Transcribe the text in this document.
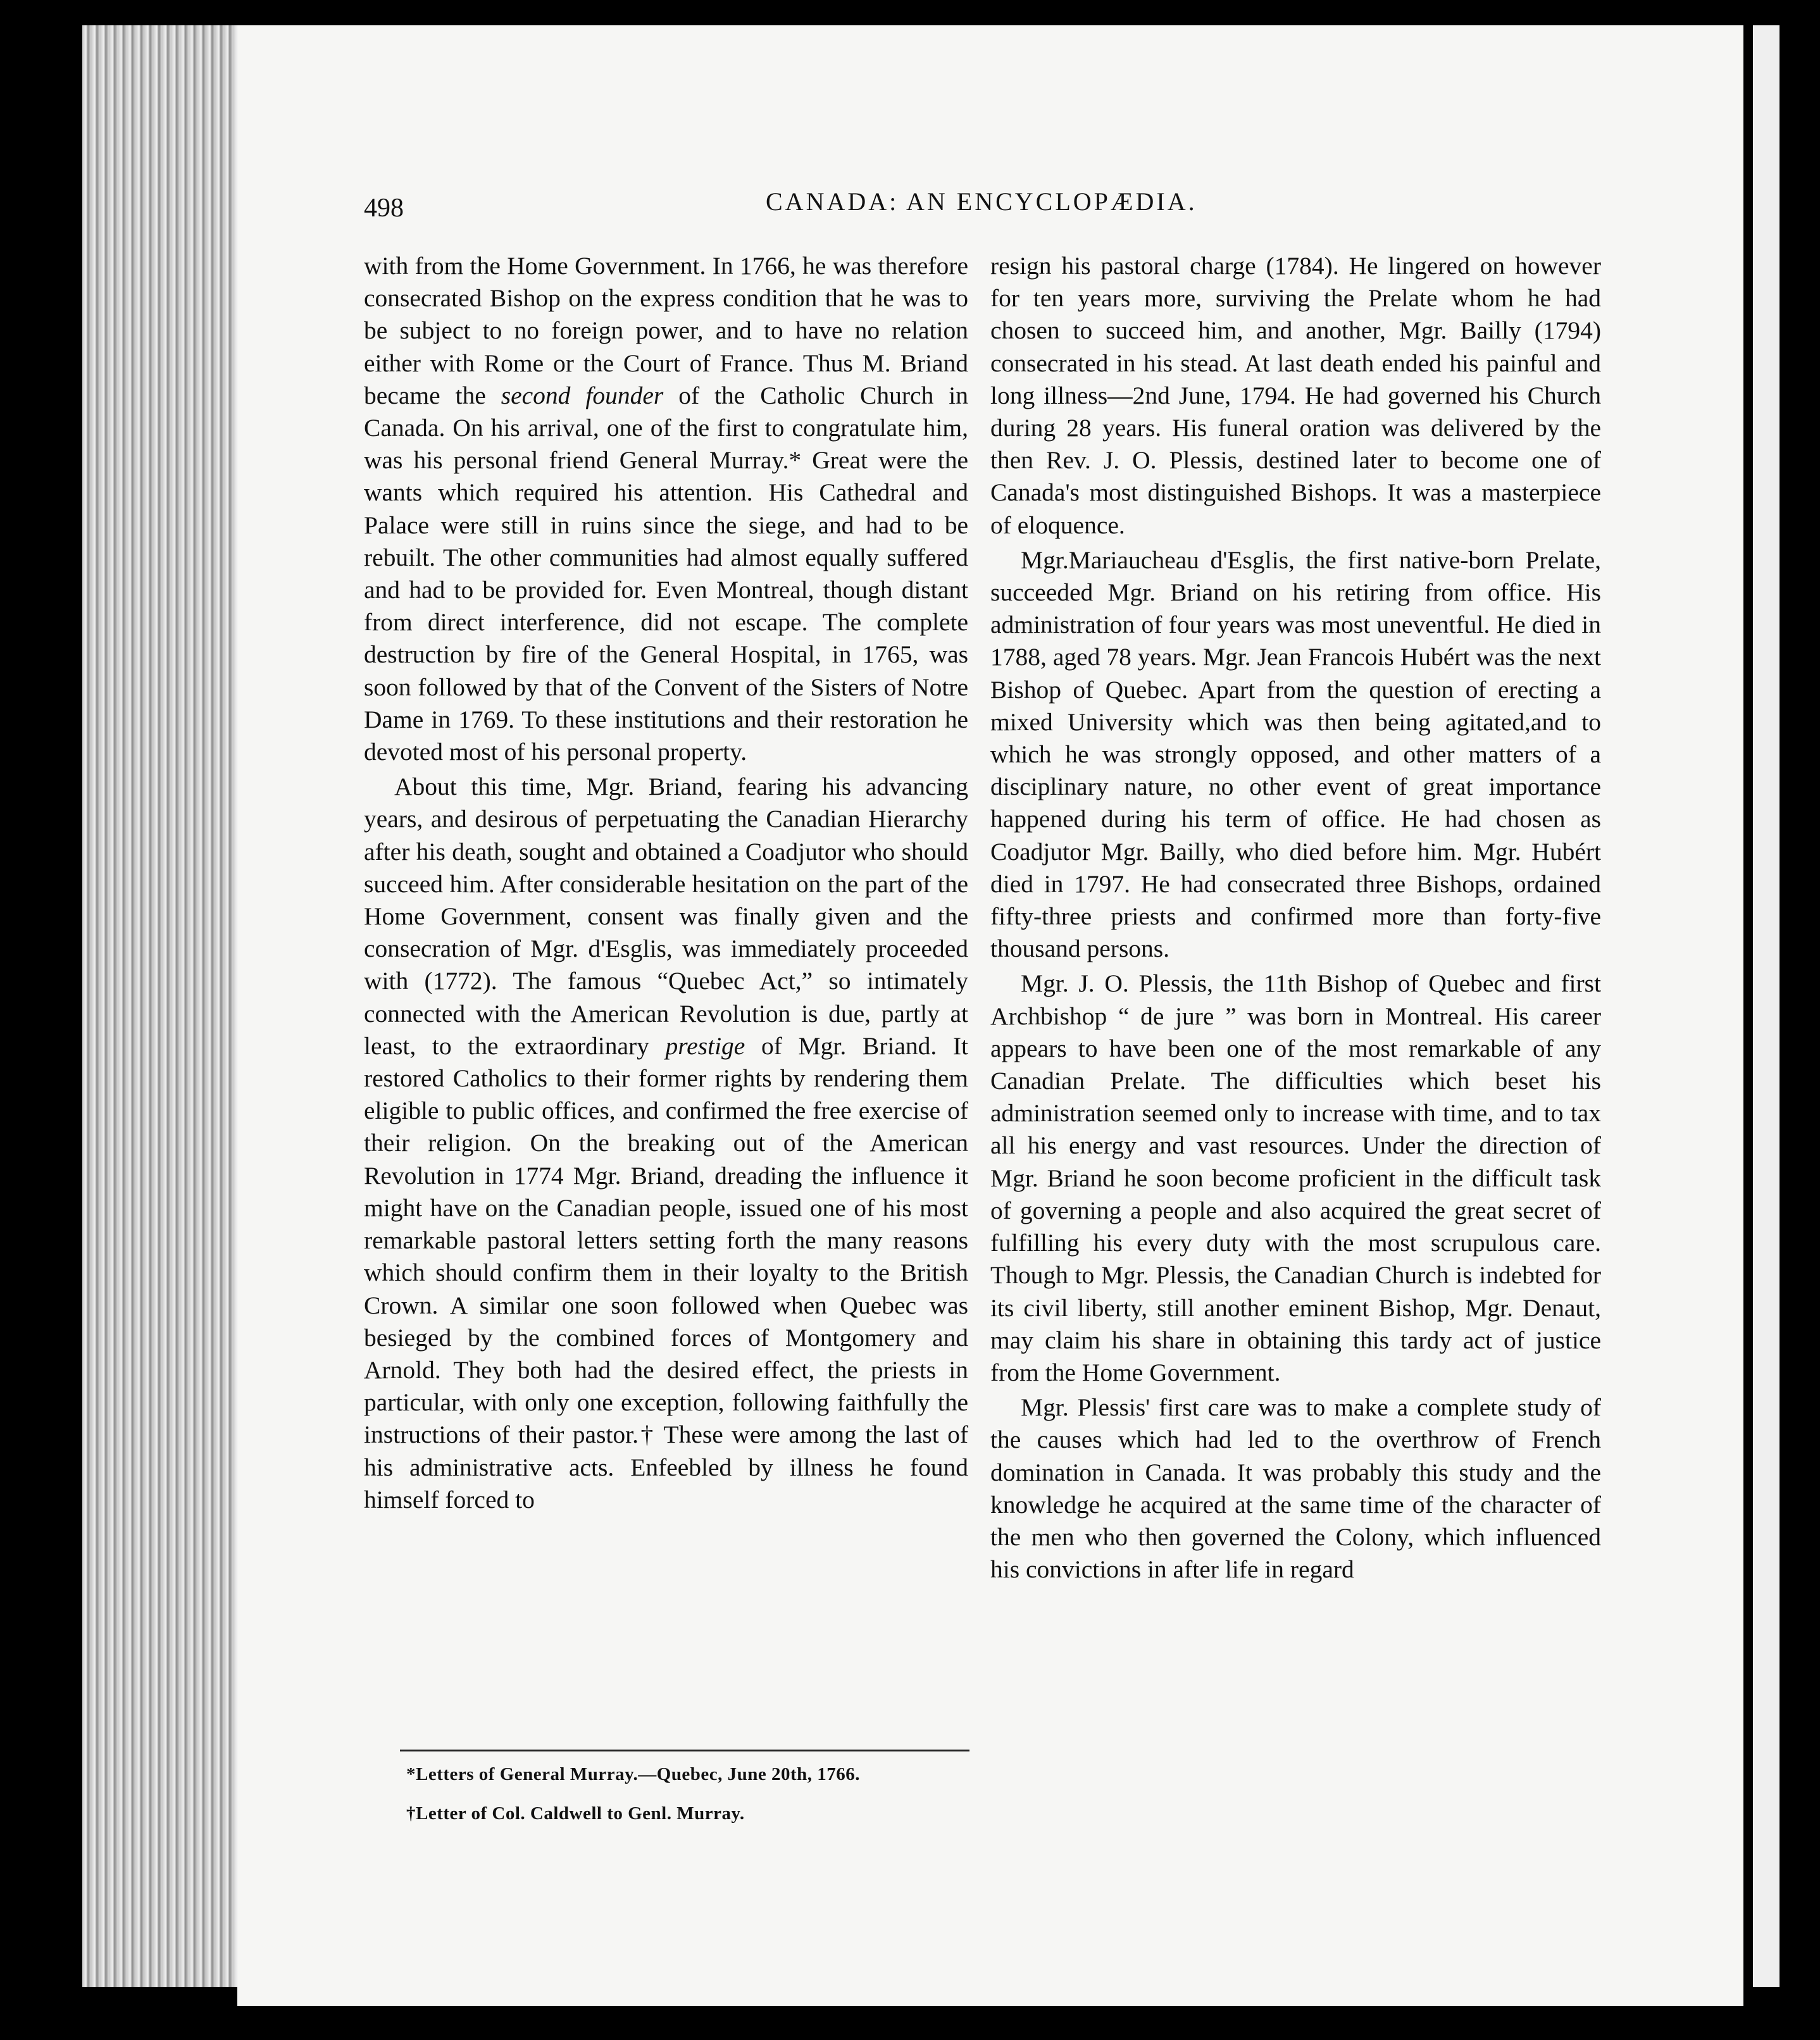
498	CANADA: AN ENCYCLOPÆDIA.

with from the Home Government. In 1766, he was therefore consecrated Bishop on the express condition that he was to be subject to no foreign power, and to have no relation either with Rome or the Court of France. Thus M. Briand became the second founder of the Catholic Church in Canada. On his arrival, one of the first to congratulate him, was his personal friend General Murray.* Great were the wants which required his attention. His Cathedral and Palace were still in ruins since the siege, and had to be rebuilt. The other communities had almost equally suffered and had to be provided for. Even Montreal, though distant from direct interference, did not escape. The complete destruction by fire of the General Hospital, in 1765, was soon followed by that of the Convent of the Sisters of Notre Dame in 1769. To these institutions and their restoration he devoted most of his personal property.

About this time, Mgr. Briand, fearing his advancing years, and desirous of perpetuating the Canadian Hierarchy after his death, sought and obtained a Coadjutor who should succeed him. After considerable hesitation on the part of the Home Government, consent was finally given and the consecration of Mgr. d'Esglis, was immediately proceeded with (1772). The famous “Quebec Act,” so intimately connected with the American Revolution is due, partly at least, to the extraordinary prestige of Mgr. Briand. It restored Catholics to their former rights by rendering them eligible to public offices, and confirmed the free exercise of their religion. On the breaking out of the American Revolution in 1774 Mgr. Briand, dreading the influence it might have on the Canadian people, issued one of his most remarkable pastoral letters setting forth the many reasons which should confirm them in their loyalty to the British Crown. A similar one soon followed when Quebec was besieged by the combined forces of Montgomery and Arnold. They both had the desired effect, the priests in particular, with only one exception, following faithfully the instructions of their pastor.† These were among the last of his administrative acts. Enfeebled by illness he found himself forced to

resign his pastoral charge (1784). He lingered on however for ten years more, surviving the Prelate whom he had chosen to succeed him, and another, Mgr. Bailly (1794) consecrated in his stead. At last death ended his painful and long illness—2nd June, 1794. He had governed his Church during 28 years. His funeral oration was delivered by the then Rev. J. O. Plessis, destined later to become one of Canada's most distinguished Bishops. It was a masterpiece of eloquence.

Mgr.Mariaucheau d'Esglis, the first native-born Prelate, succeeded Mgr. Briand on his retiring from office. His administration of four years was most uneventful. He died in 1788, aged 78 years. Mgr. Jean Francois Hubért was the next Bishop of Quebec. Apart from the question of erecting a mixed University which was then being agitated,and to which he was strongly opposed, and other matters of a disciplinary nature, no other event of great importance happened during his term of office. He had chosen as Coadjutor Mgr. Bailly, who died before him. Mgr. Hubért died in 1797. He had consecrated three Bishops, ordained fifty-three priests and confirmed more than forty-five thousand persons.

Mgr. J. O. Plessis, the 11th Bishop of Quebec and first Archbishop “ de jure ” was born in Montreal. His career appears to have been one of the most remarkable of any Canadian Prelate. The difficulties which beset his administration seemed only to increase with time, and to tax all his energy and vast resources. Under the direction of Mgr. Briand he soon become proficient in the difficult task of governing a people and also acquired the great secret of fulfilling his every duty with the most scrupulous care. Though to Mgr. Plessis, the Canadian Church is indebted for its civil liberty, still another eminent Bishop, Mgr. Denaut, may claim his share in obtaining this tardy act of justice from the Home Government.

Mgr. Plessis' first care was to make a complete study of the causes which had led to the overthrow of French domination in Canada. It was probably this study and the knowledge he acquired at the same time of the character of the men who then governed the Colony, which influenced his convictions in after life in regard

*Letters of General Murray.—Quebec, June 20th, 1766.
†Letter of Col. Caldwell to Genl. Murray.
